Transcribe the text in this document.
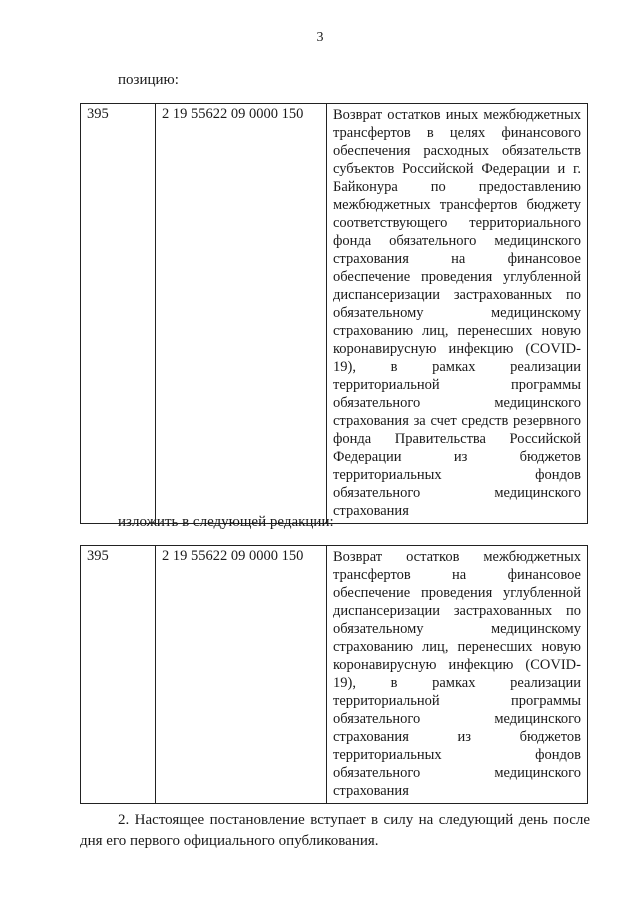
3
позицию:
395	2 19 55622 09 0000 150	Возврат остатков иных межбюджетных трансфертов в целях финансового обеспечения расходных обязательств субъектов Российской Федерации и г. Байконура по предоставлению межбюджетных трансфертов бюджету соответствующего территориального фонда обязательного медицинского страхования на финансовое обеспечение проведения углубленной диспансеризации застрахованных по обязательному медицинскому страхованию лиц, перенесших новую коронавирусную инфекцию (COVID-19), в рамках реализации территориальной программы обязательного медицинского страхования за счет средств резервного фонда Правительства Российской Федерации из бюджетов территориальных фондов обязательного медицинского страхования
изложить в следующей редакции:
395	2 19 55622 09 0000 150	Возврат остатков межбюджетных трансфертов на финансовое обеспечение проведения углубленной диспансеризации застрахованных по обязательному медицинскому страхованию лиц, перенесших новую коронавирусную инфекцию (COVID-19), в рамках реализации территориальной программы обязательного медицинского страхования из бюджетов территориальных фондов обязательного медицинского страхования

2. Настоящее постановление вступает в силу на следующий день после дня его первого официального опубликования.
